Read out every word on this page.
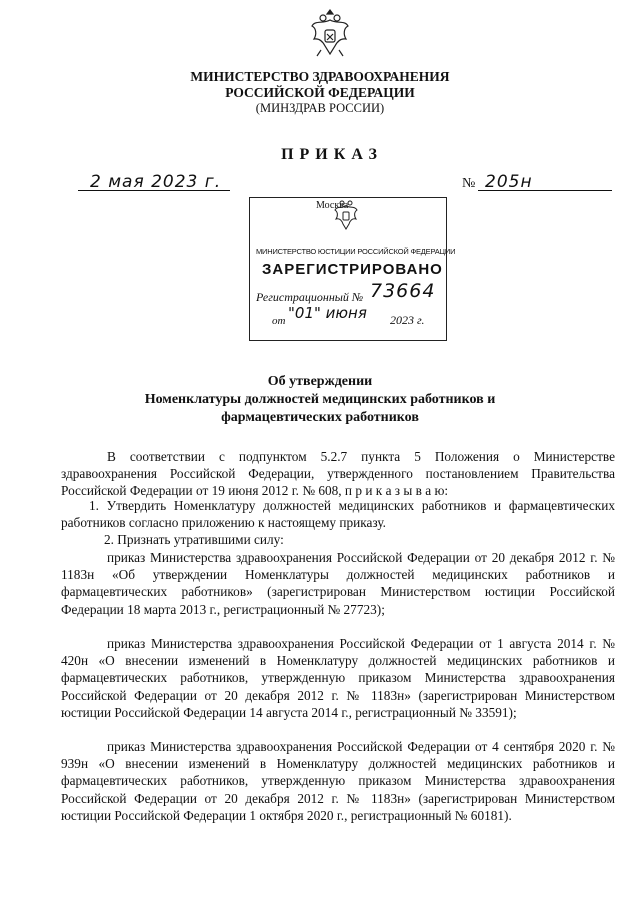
МИНИСТЕРСТВО ЗДРАВООХРАНЕНИЯ
РОССИЙСКОЙ ФЕДЕРАЦИИ
(МИНЗДРАВ РОССИИ)
ПРИКАЗ
2 мая 2023 г.	№ 205н
Москва
МИНИСТЕРСТВО ЮСТИЦИИ РОССИЙСКОЙ ФЕДЕРАЦИИ
ЗАРЕГИСТРИРОВАНО
Регистрационный № 73664
от "01" июня 2023 г.
Об утверждении
Номенклатуры должностей медицинских работников и
фармацевтических работников
В соответствии с подпунктом 5.2.7 пункта 5 Положения о Министерстве здравоохранения Российской Федерации, утвержденного постановлением Правительства Российской Федерации от 19 июня 2012 г. № 608, п р и к а з ы в а ю:
1. Утвердить Номенклатуру должностей медицинских работников и фармацевтических работников согласно приложению к настоящему приказу.
2. Признать утратившими силу:
приказ Министерства здравоохранения Российской Федерации от 20 декабря 2012 г. № 1183н «Об утверждении Номенклатуры должностей медицинских работников и фармацевтических работников» (зарегистрирован Министерством юстиции Российской Федерации 18 марта 2013 г., регистрационный № 27723);
приказ Министерства здравоохранения Российской Федерации от 1 августа 2014 г. № 420н «О внесении изменений в Номенклатуру должностей медицинских работников и фармацевтических работников, утвержденную приказом Министерства здравоохранения Российской Федерации от 20 декабря 2012 г. № 1183н» (зарегистрирован Министерством юстиции Российской Федерации 14 августа 2014 г., регистрационный № 33591);
приказ Министерства здравоохранения Российской Федерации от 4 сентября 2020 г. № 939н «О внесении изменений в Номенклатуру должностей медицинских работников и фармацевтических работников, утвержденную приказом Министерства здравоохранения Российской Федерации от 20 декабря 2012 г. № 1183н» (зарегистрирован Министерством юстиции Российской Федерации 1 октября 2020 г., регистрационный № 60181).
